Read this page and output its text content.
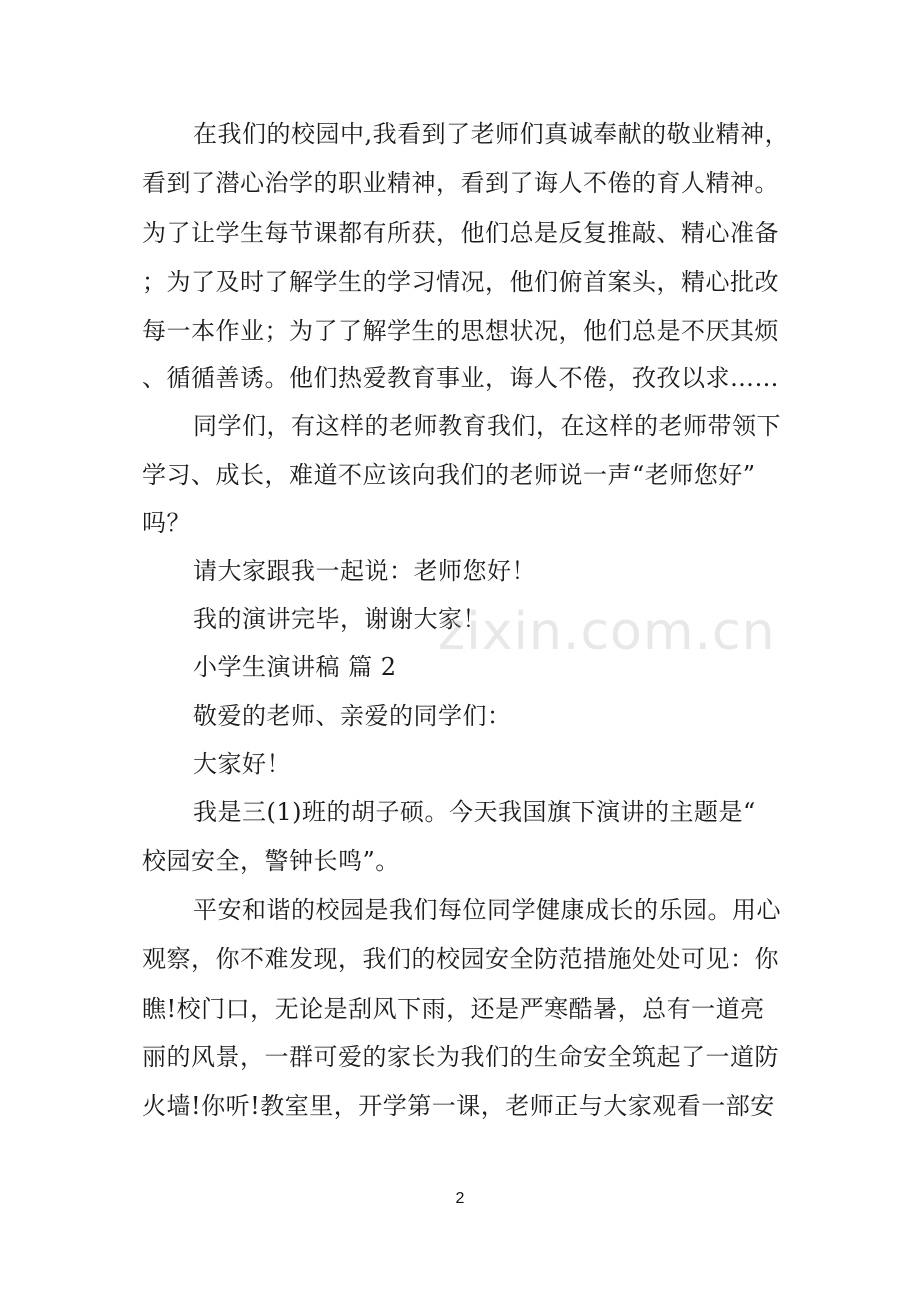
在我们的校园中,我看到了老师们真诚奉献的敬业精神，
看到了潜心治学的职业精神，看到了诲人不倦的育人精神。
为了让学生每节课都有所获，他们总是反复推敲、精心准备
；为了及时了解学生的学习情况，他们俯首案头，精心批改
每一本作业；为了了解学生的思想状况，他们总是不厌其烦
、循循善诱。他们热爱教育事业，诲人不倦，孜孜以求……
同学们，有这样的老师教育我们，在这样的老师带领下
学习、成长，难道不应该向我们的老师说一声“老师您好”
吗？
请大家跟我一起说：老师您好！
我的演讲完毕，谢谢大家！
小学生演讲稿 篇 2
敬爱的老师、亲爱的同学们：
大家好！
我是三(1)班的胡子硕。今天我国旗下演讲的主题是“
校园安全，警钟长鸣”。
平安和谐的校园是我们每位同学健康成长的乐园。用心
观察，你不难发现，我们的校园安全防范措施处处可见：你
瞧!校门口，无论是刮风下雨，还是严寒酷暑，总有一道亮
丽的风景，一群可爱的家长为我们的生命安全筑起了一道防
火墙!你听!教室里，开学第一课，老师正与大家观看一部安
zixin.com.cn
2
